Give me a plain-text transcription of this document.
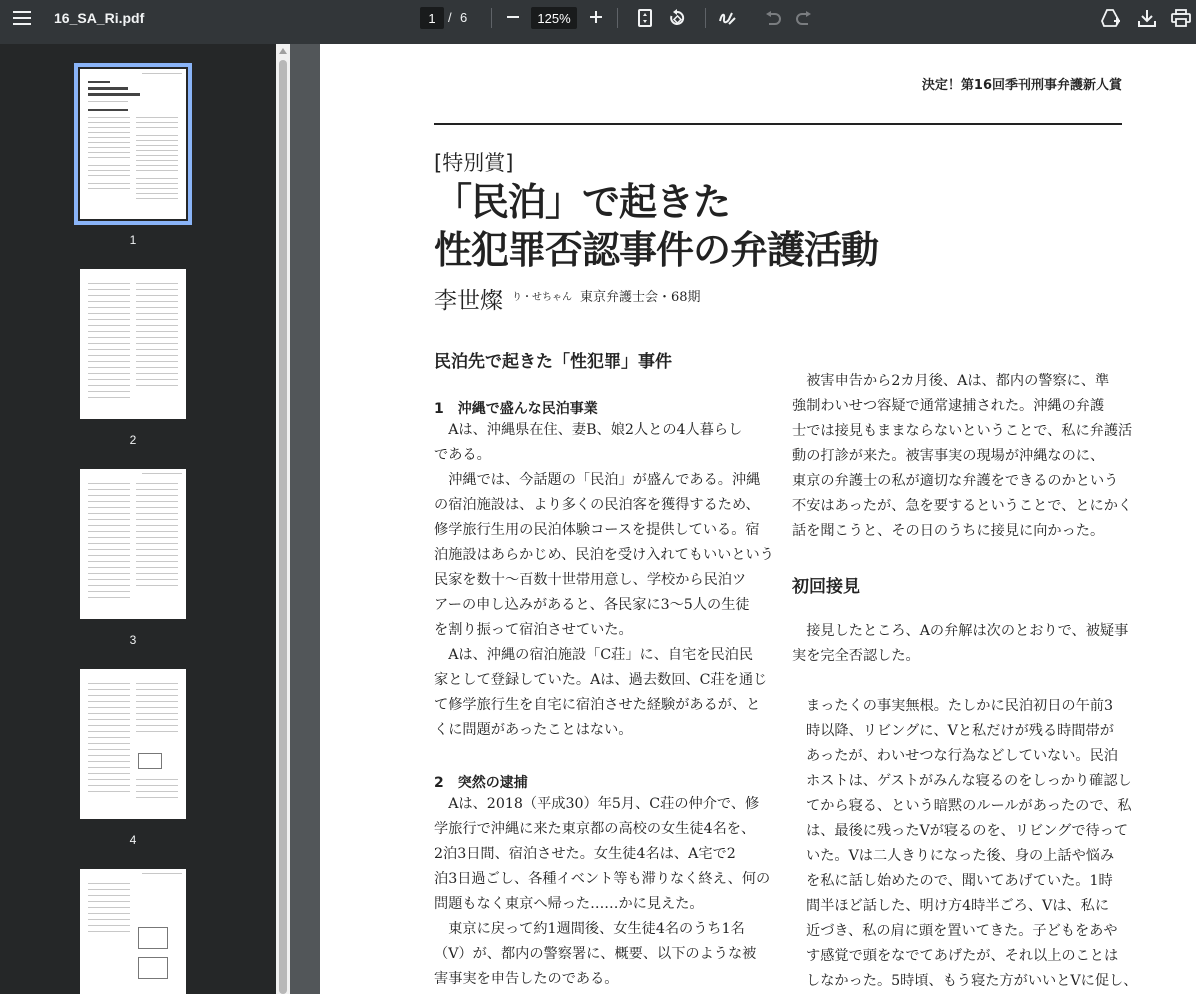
16_SA_Ri.pdf
1	/ 6
125%
1
2
3
4
決定！第16回季刊刑事弁護新人賞
[特別賞]
「民泊」で起きた
性犯罪否認事件の弁護活動
李世燦 り・せちゃん 東京弁護士会・68期
民泊先で起きた「性犯罪」事件
1　沖縄で盛んな民泊事業
　Aは、沖縄県在住、妻B、娘2人との4人暮らし
である。
　沖縄では、今話題の「民泊」が盛んである。沖縄
の宿泊施設は、より多くの民泊客を獲得するため、
修学旅行生用の民泊体験コースを提供している。宿
泊施設はあらかじめ、民泊を受け入れてもいいという
民家を数十〜百数十世帯用意し、学校から民泊ツ
アーの申し込みがあると、各民家に3〜5人の生徒
を割り振って宿泊させていた。
　Aは、沖縄の宿泊施設「C荘」に、自宅を民泊民
家として登録していた。Aは、過去数回、C荘を通じ
て修学旅行生を自宅に宿泊させた経験があるが、と
くに問題があったことはない。
2　突然の逮捕
　Aは、2018（平成30）年5月、C荘の仲介で、修
学旅行で沖縄に来た東京都の高校の女生徒4名を、
2泊3日間、宿泊させた。女生徒4名は、A宅で2
泊3日過ごし、各種イベント等も滞りなく終え、何の
問題もなく東京へ帰った……かに見えた。
　東京に戻って約1週間後、女生徒4名のうち1名
（V）が、都内の警察署に、概要、以下のような被
害事実を申告したのである。
　被害申告から2カ月後、Aは、都内の警察に、準
強制わいせつ容疑で通常逮捕された。沖縄の弁護
士では接見もままならないということで、私に弁護活
動の打診が来た。被害事実の現場が沖縄なのに、
東京の弁護士の私が適切な弁護をできるのかという
不安はあったが、急を要するということで、とにかく
話を聞こうと、その日のうちに接見に向かった。
初回接見
　接見したところ、Aの弁解は次のとおりで、被疑事
実を完全否認した。
まったくの事実無根。たしかに民泊初日の午前3
時以降、リビングに、Vと私だけが残る時間帯が
あったが、わいせつな行為などしていない。民泊
ホストは、ゲストがみんな寝るのをしっかり確認し
てから寝る、という暗黙のルールがあったので、私
は、最後に残ったVが寝るのを、リビングで待って
いた。Vは二人きりになった後、身の上話や悩み
を私に話し始めたので、聞いてあげていた。1時
間半ほど話した、明け方4時半ごろ、Vは、私に
近づき、私の肩に頭を置いてきた。子どもをあや
す感覚で頭をなでてあげたが、それ以上のことは
しなかった。5時頃、もう寝た方がいいとVに促し、
